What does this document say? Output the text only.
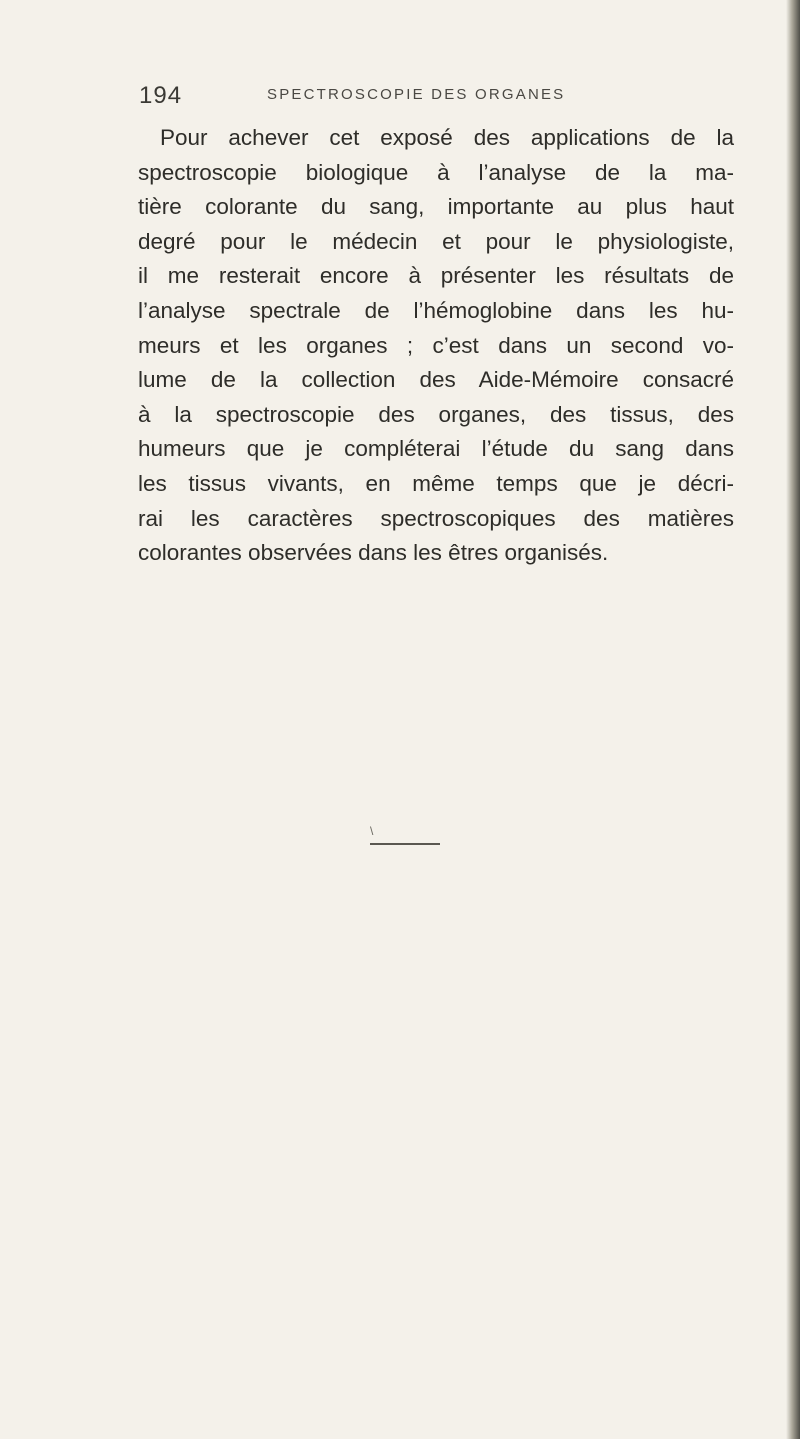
194	SPECTROSCOPIE DES ORGANES
Pour achever cet exposé des applications de la
spectroscopie biologique à l’analyse de la ma-
tière colorante du sang, importante au plus haut
degré pour le médecin et pour le physiologiste,
il me resterait encore à présenter les résultats de
l’analyse spectrale de l’hémoglobine dans les hu-
meurs et les organes ; c’est dans un second vo-
lume de la collection des Aide-Mémoire consacré
à la spectroscopie des organes, des tissus, des
humeurs que je compléterai l’étude du sang dans
les tissus vivants, en même temps que je décri-
rai les caractères spectroscopiques des matières
colorantes observées dans les êtres organisés.
\
